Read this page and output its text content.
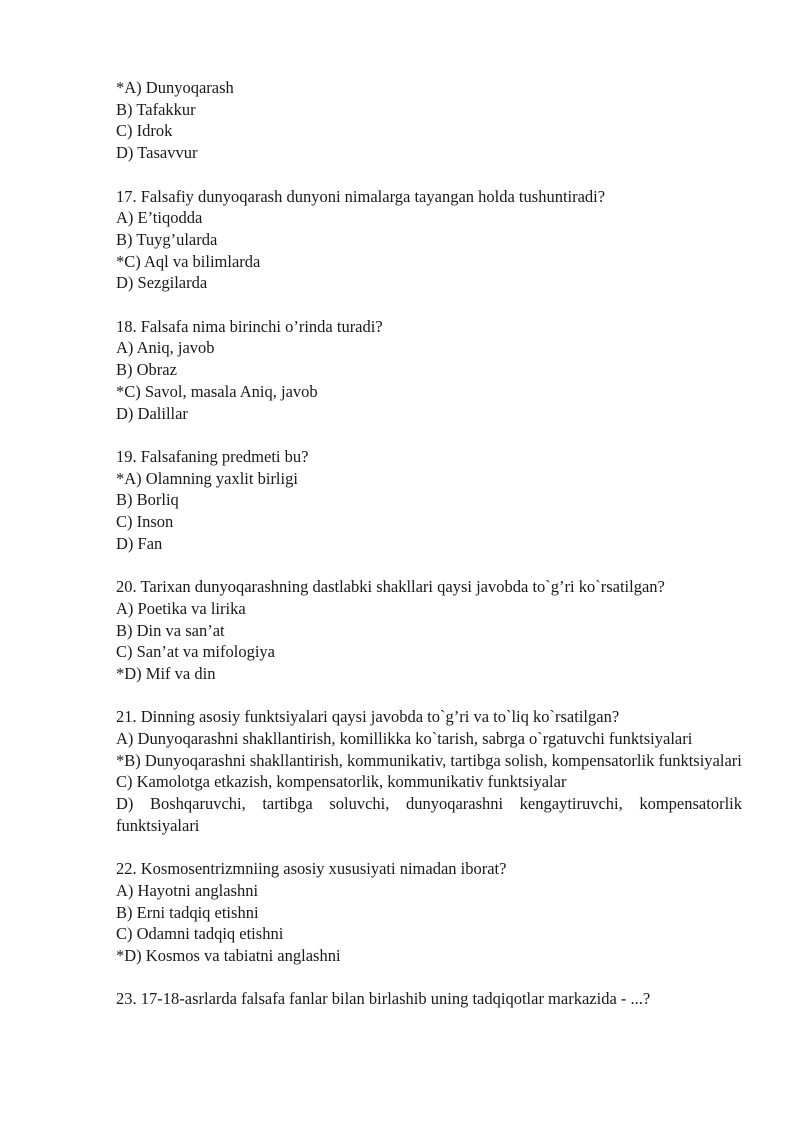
*A) Dunyoqarash
B) Tafakkur
C) Idrok
D) Tasavvur
17. Falsafiy dunyoqarash dunyoni nimalarga tayangan holda tushuntiradi?
A) E’tiqodda
B) Tuyg’ularda
*C) Aql va bilimlarda
D) Sezgilarda
18. Falsafa nima birinchi o’rinda turadi?
A) Aniq, javob
B) Obraz
*C) Savol, masala Aniq, javob
D) Dalillar
19. Falsafaning predmeti bu?
*A) Olamning yaxlit birligi
B) Borliq
C) Inson
D) Fan
20. Tarixan dunyoqarashning dastlabki shakllari qaysi javobda to`g’ri ko`rsatilgan?
A) Poetika va lirika
B) Din va san’at
C) San’at va mifologiya
*D) Mif va din
21. Dinning asosiy funktsiyalari qaysi javobda to`g’ri va to`liq ko`rsatilgan?
A) Dunyoqarashni shakllantirish, komillikka ko`tarish, sabrga o`rgatuvchi funktsiyalari
*B) Dunyoqarashni shakllantirish, kommunikativ, tartibga solish, kompensatorlik funktsiyalari
C) Kamolotga etkazish, kompensatorlik, kommunikativ funktsiyalar
D) Boshqaruvchi, tartibga soluvchi, dunyoqarashni kengaytiruvchi, kompensatorlik funktsiyalari
22. Kosmosentrizmniing asosiy xususiyati nimadan iborat?
A) Hayotni anglashni
B) Erni tadqiq etishni
C) Odamni tadqiq etishni
*D) Kosmos va tabiatni anglashni
23. 17-18-asrlarda falsafa fanlar bilan birlashib uning tadqiqotlar markazida - ...?
